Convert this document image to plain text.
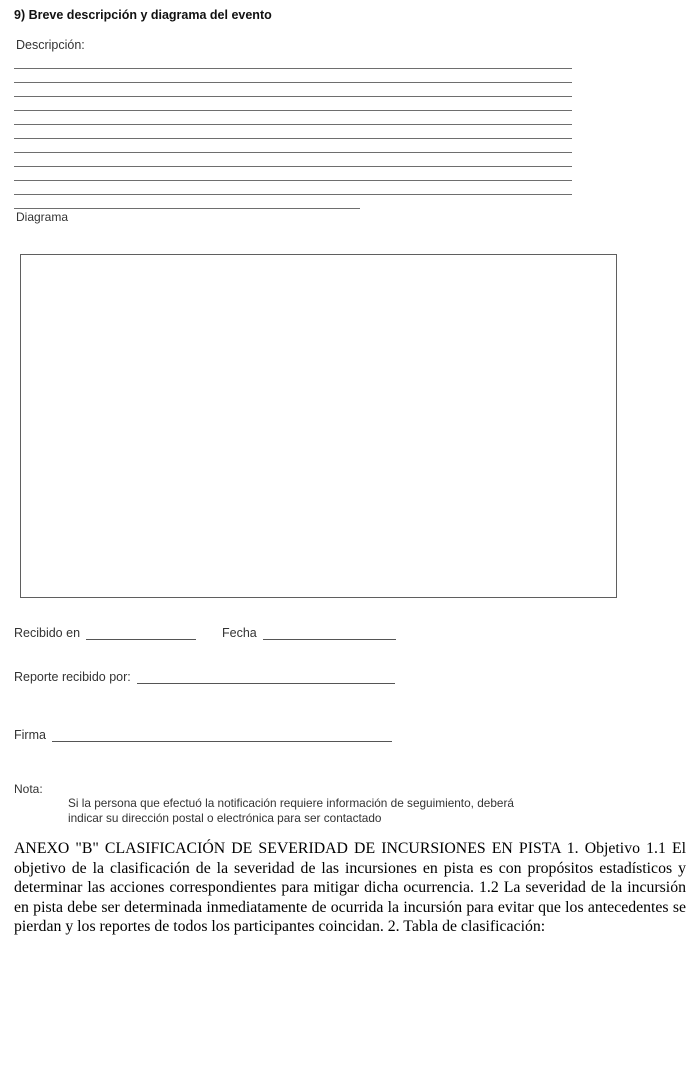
9) Breve descripción y diagrama del evento
Descripción:
Diagrama
Recibido en	Fecha
Reporte recibido por:
Firma
Nota:
Si la persona que efectuó la notificación requiere información de seguimiento, deberá
indicar su dirección postal o electrónica para ser contactado
ANEXO "B" CLASIFICACIÓN DE SEVERIDAD DE INCURSIONES EN PISTA 1. Objetivo 1.1 El objetivo de la clasificación de la severidad de las incursiones en pista es con propósitos estadísticos y determinar las acciones correspondientes para mitigar dicha ocurrencia. 1.2 La severidad de la incursión en pista debe ser determinada inmediatamente de ocurrida la incursión para evitar que los antecedentes se pierdan y los reportes de todos los participantes coincidan. 2. Tabla de clasificación:
